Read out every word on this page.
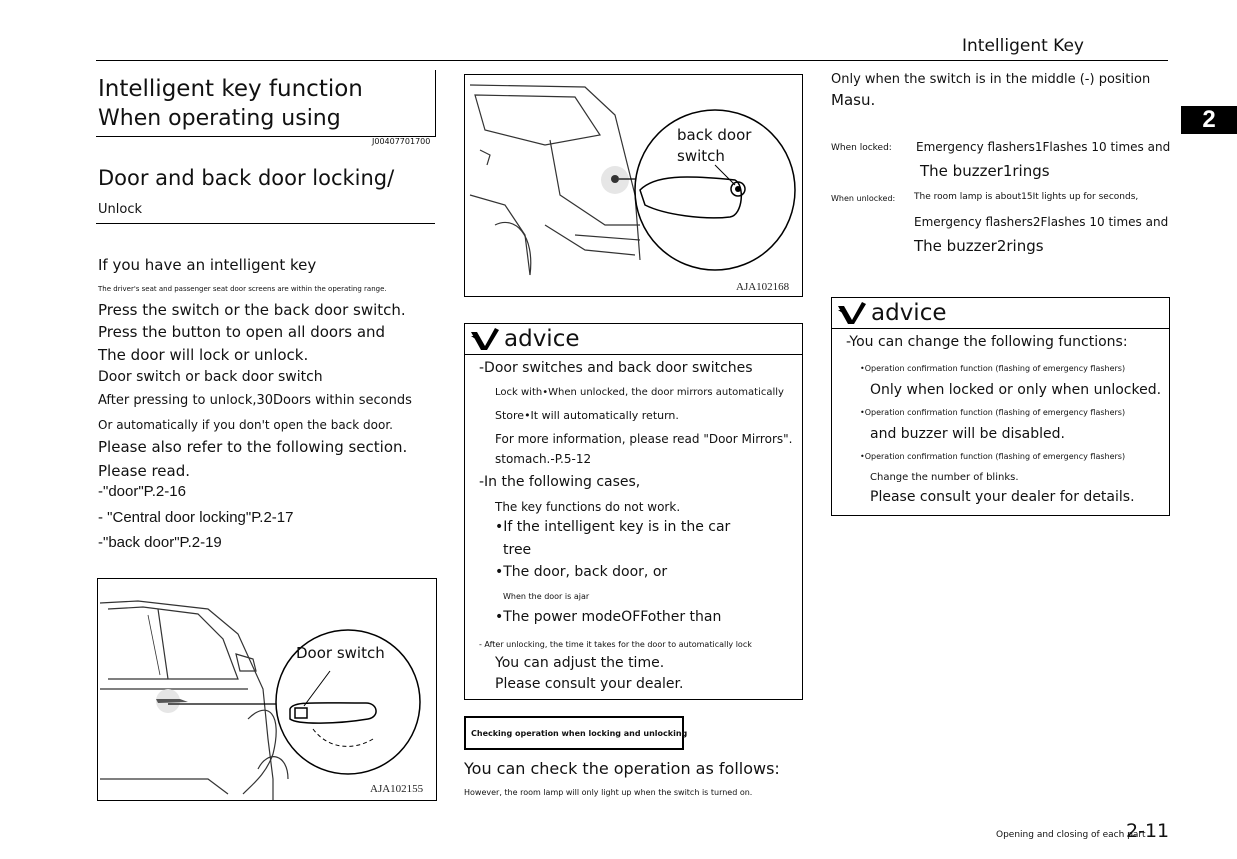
Intelligent Key
2
Intelligent key function
When operating using
J00407701700
Door and back door locking/
Unlock
If you have an intelligent key
The driver's seat and passenger seat door screens are within the operating range.
Press the switch or the back door switch.
Press the button to open all doors and
The door will lock or unlock.
Door switch or back door switch
After pressing to unlock,30Doors within seconds
Or automatically if you don't open the back door.
Please also refer to the following section.
Please read.
-"door"P.2-16
- "Central door locking"P.2-17
-"back door"P.2-19
Door switch
AJA102155
back door
switch
AJA102168
advice
-Door switches and back door switches
Lock with•When unlocked, the door mirrors automatically
Store•It will automatically return.
For more information, please read "Door Mirrors".
stomach.-P.5-12
-In the following cases,
The key functions do not work.
•If the intelligent key is in the car
tree
•The door, back door, or
When the door is ajar
•The power modeOFFother than
- After unlocking, the time it takes for the door to automatically lock
You can adjust the time.
Please consult your dealer.
Checking operation when locking and unlocking
You can check the operation as follows:
However, the room lamp will only light up when the switch is turned on.
Only when the switch is in the middle (-) position
Masu.
When locked: Emergency flashers1Flashes 10 times and
The buzzer1rings
When unlocked: The room lamp is about15It lights up for seconds,
Emergency flashers2Flashes 10 times and
The buzzer2rings
advice
-You can change the following functions:
•Operation confirmation function (flashing of emergency flashers)
Only when locked or only when unlocked.
•Operation confirmation function (flashing of emergency flashers)
and buzzer will be disabled.
•Operation confirmation function (flashing of emergency flashers)
Change the number of blinks.
Please consult your dealer for details.
Opening and closing of each part
2-11
